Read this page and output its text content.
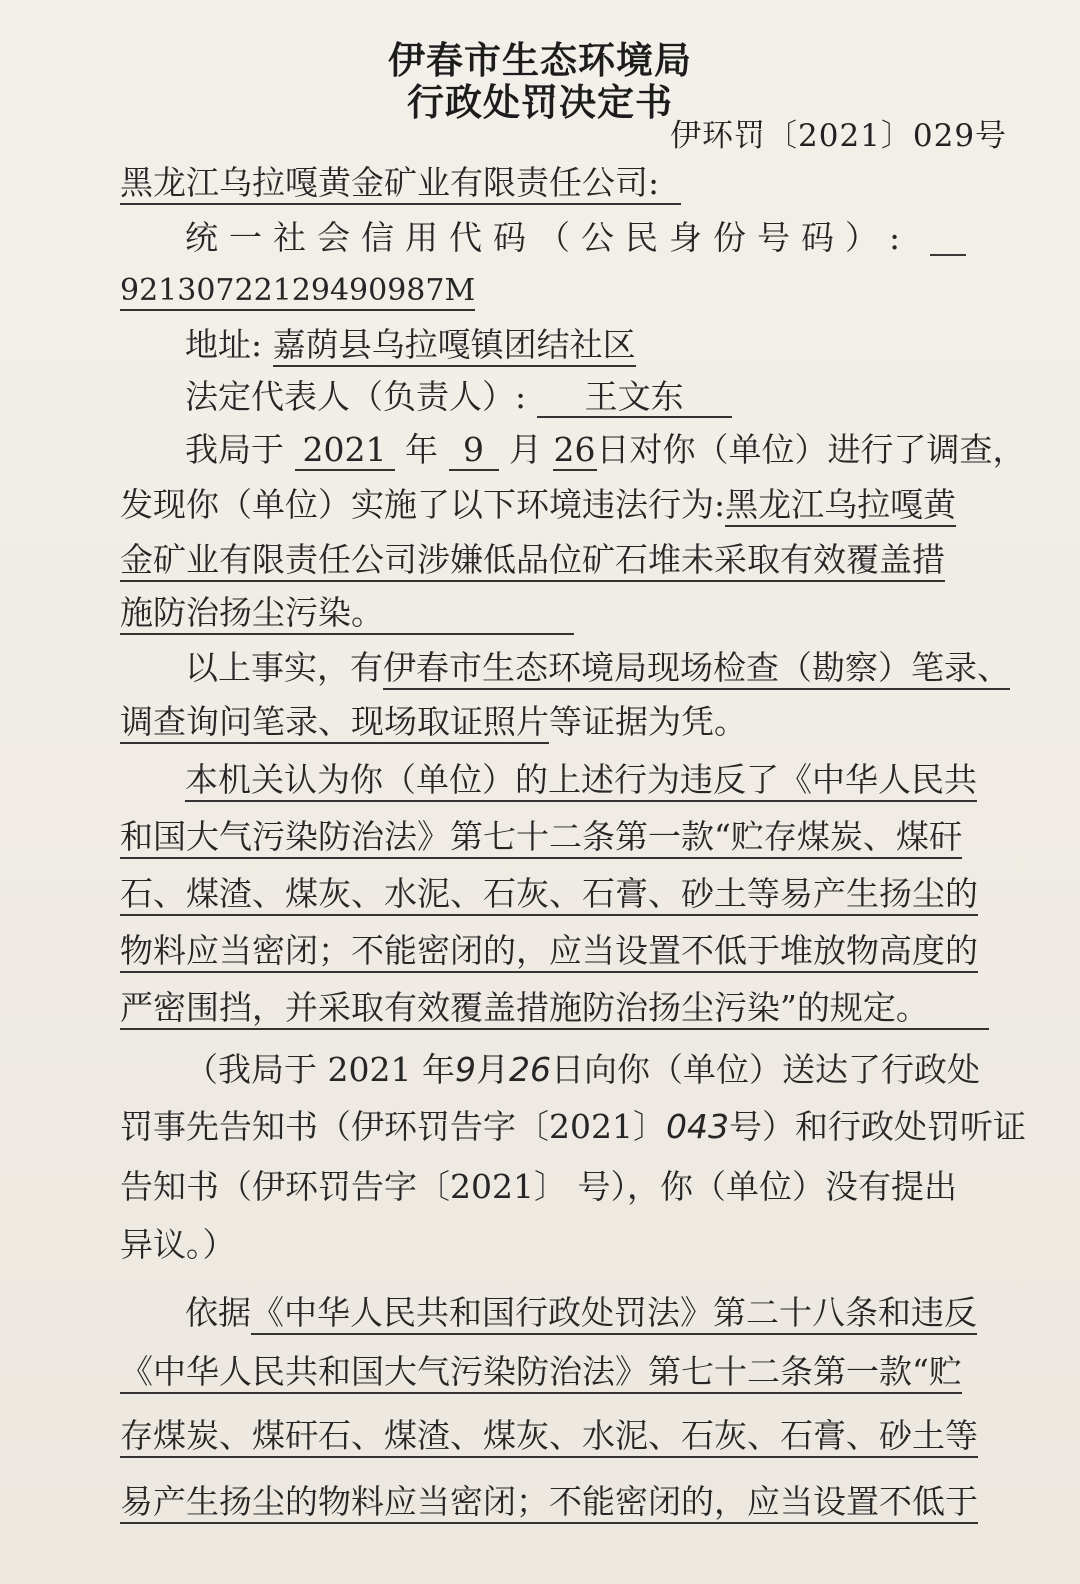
伊春市生态环境局
行政处罚决定书
伊环罚〔2021〕029号
黑龙江乌拉嘎黄金矿业有限责任公司:
统一社会信用代码（公民身份号码）:
9213072212949098​7M
地址: 嘉荫县乌拉嘎镇团结社区
法定代表人（负责人）: 王文东
我局于 2021 年 9 月 26日对你（单位）进行了调查，
发现你（单位）实施了以下环境违法行为:黑龙江乌拉嘎黄
金矿业有限责任公司涉嫌低品位矿石堆未采取有效覆盖措
施防治扬尘污染。
以上事实，有伊春市生态环境局现场检查（勘察）笔录、
调查询问笔录、现场取证照片等证据为凭。
本机关认为你（单位）的上述行为违反了《中华人民共
和国大气污染防治法》第七十二条第一款“贮存煤炭、煤矸
石、煤渣、煤灰、水泥、石灰、石膏、砂土等易产生扬尘的
物料应当密闭；不能密闭的，应当设置不低于堆放物高度的
严密围挡，并采取有效覆盖措施防治扬尘污染”的规定。
（我局于 2021 年9月26日向你（单位）送达了行政处
罚事先告知书（伊环罚告字〔2021〕043号）和行政处罚听证
告知书（伊环罚告字〔2021〕 号），你（单位）没有提出
异议。）
依据《中华人民共和国行政处罚法》第二十八条和违反
《中华人民共和国大气污染防治法》第七十二条第一款“贮
存煤炭、煤矸石、煤渣、煤灰、水泥、石灰、石膏、砂土等
易产生扬尘的物料应当密闭；不能密闭的，应当设置不低于
